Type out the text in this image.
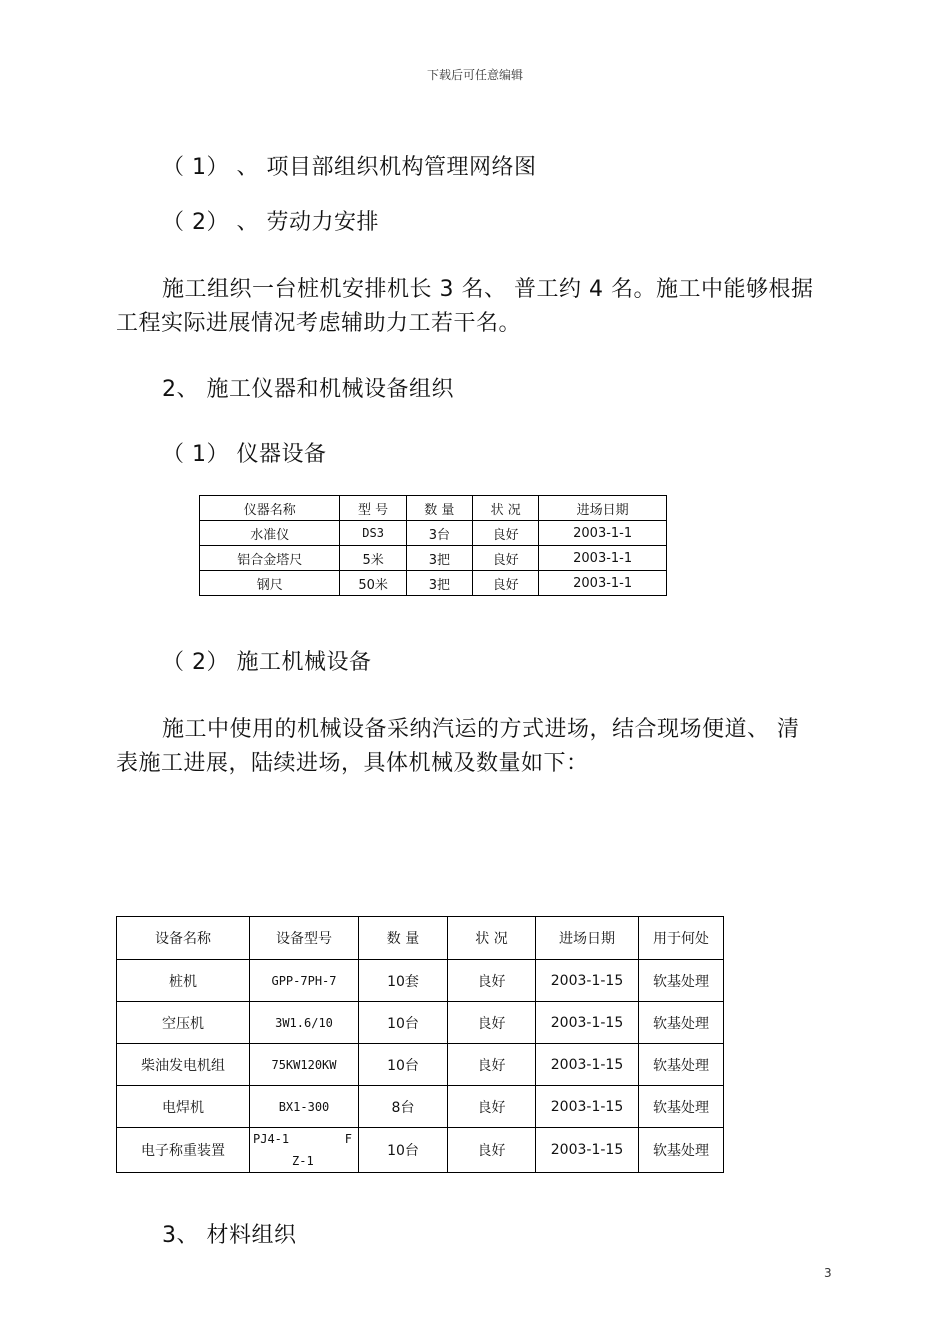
下载后可任意编辑
（ 1） 、 项目部组织机构管理网络图
（ 2） 、 劳动力安排
施工组织一台桩机安排机长 3 名、 普工约 4 名。施工中能够根据
工程实际进展情况考虑辅助力工若干名。
2、 施工仪器和机械设备组织
（ 1） 仪器设备
仪器名称	型 号	数 量	状 况	进场日期
水准仪	DS3	3台	良好	2003-1-1
铝合金塔尺	5米	3把	良好	2003-1-1
钢尺	50米	3把	良好	2003-1-1
（ 2） 施工机械设备
施工中使用的机械设备采纳汽运的方式进场，结合现场便道、 清
表施工进展，陆续进场，具体机械及数量如下：
设备名称	设备型号	数 量	状 况	进场日期	用于何处
桩机	GPP-7PH-7	10套	良好	2003-1-15	软基处理
空压机	3W1.6/10	10台	良好	2003-1-15	软基处理
柴油发电机组	75KW120KW	10台	良好	2003-1-15	软基处理
电焊机	BX1-300	8台	良好	2003-1-15	软基处理
电子称重装置	PJ4-1 F
Z-1	10台	良好	2003-1-15	软基处理
3、 材料组织
3
